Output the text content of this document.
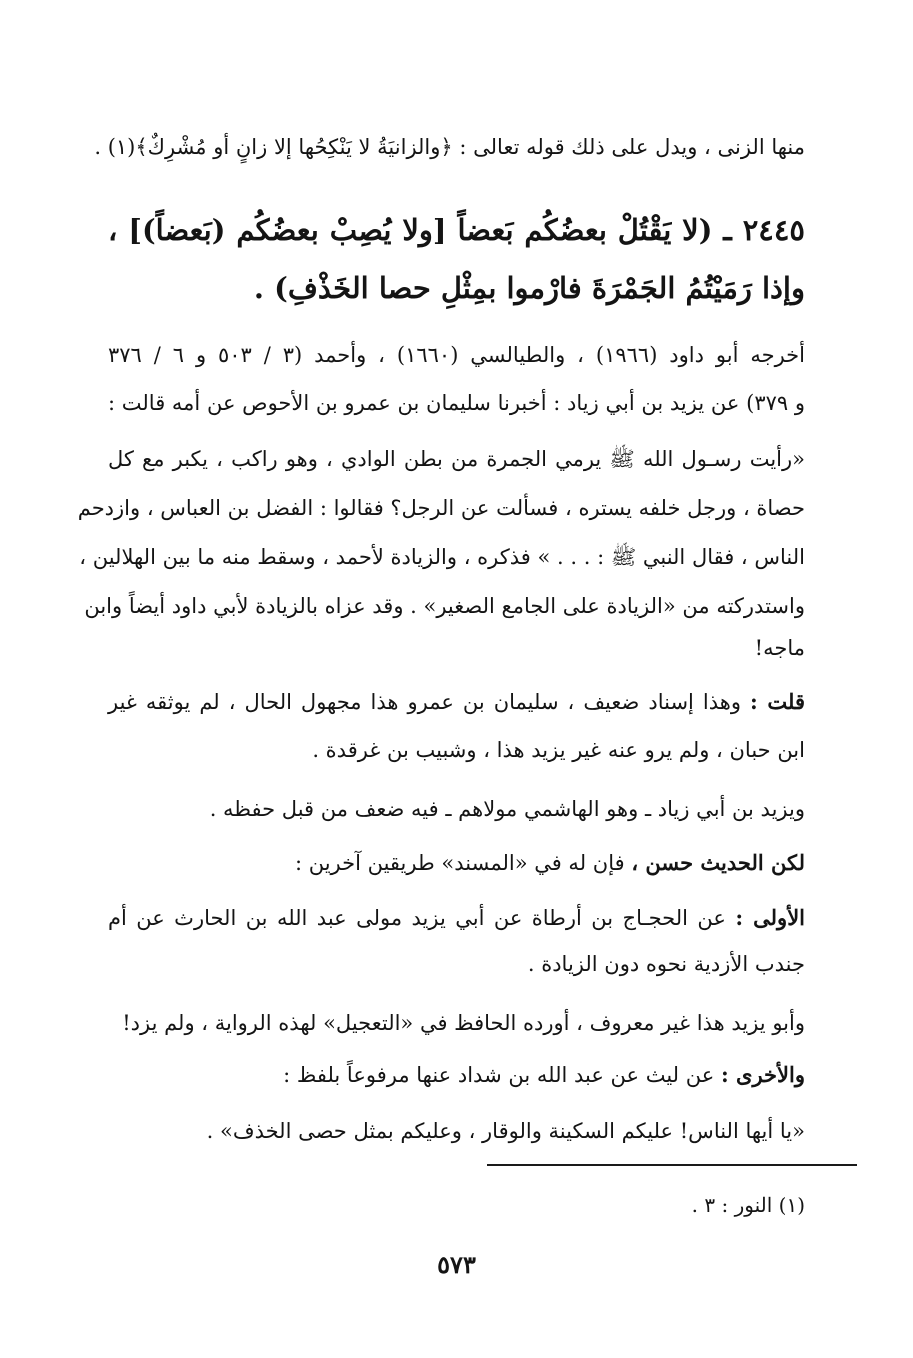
منها الزنى ، ويدل على ذلك قوله تعالى : ﴿والزانيَةُ لا يَنْكِحُها إلا زانٍ أو مُشْرِكٌ﴾(١) .
٢٤٤٥ ـ (لا يَقْتُلْ بعضُكُم بَعضاً [ولا يُصِبْ بعضُكُم (بَعضاً)] ،
وإذا رَمَيْتُمُ الجَمْرَةَ فارْموا بمِثْلِ حصا الخَذْفِ) .
أخرجه أبو داود (١٩٦٦) ، والطيالسي (١٦٦٠) ، وأحمد (٣ / ٥٠٣ و ٦ / ٣٧٦
و ٣٧٩) عن يزيد بن أبي زياد : أخبرنا سليمان بن عمرو بن الأحوص عن أمه قالت :
«رأيت رسـول الله ﷺ يرمي الجمرة من بطن الوادي ، وهو راكب ، يكبر مع كل
حصاة ، ورجل خلفه يستره ، فسألت عن الرجل؟ فقالوا : الفضل بن العباس ، وازدحم
الناس ، فقال النبي ﷺ : . . . » فذكره ، والزيادة لأحمد ، وسقط منه ما بين الهلالين ،
واستدركته من «الزيادة على الجامع الصغير» . وقد عزاه بالزيادة لأبي داود أيضاً وابن
ماجه!
قلت : وهذا إسناد ضعيف ، سليمان بن عمرو هذا مجهول الحال ، لم يوثقه غير
ابن حبان ، ولم يرو عنه غير يزيد هذا ، وشبيب بن غرقدة .
ويزيد بن أبي زياد ـ وهو الهاشمي مولاهم ـ فيه ضعف من قبل حفظه .
لكن الحديث حسن ، فإن له في «المسند» طريقين آخرين :
الأولى : عن الحجـاج بن أرطاة عن أبي يزيد مولى عبد الله بن الحارث عن أم
جندب الأزدية نحوه دون الزيادة .
وأبو يزيد هذا غير معروف ، أورده الحافظ في «التعجيل» لهذه الرواية ، ولم يزد!
والأخرى : عن ليث عن عبد الله بن شداد عنها مرفوعاً بلفظ :
«يا أيها الناس! عليكم السكينة والوقار ، وعليكم بمثل حصى الخذف» .
(١) النور : ٣ .
٥٧٣
